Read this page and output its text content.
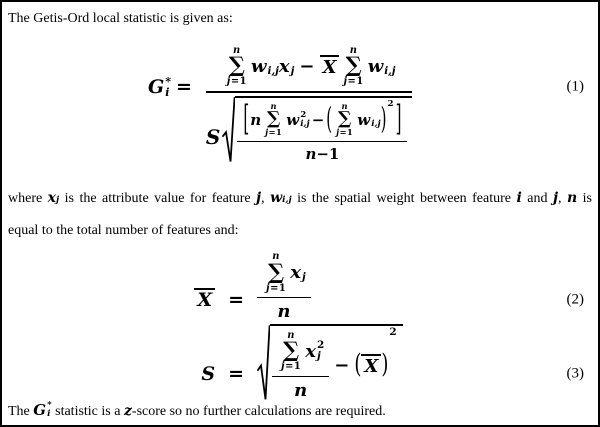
The Getis-Ord local statistic is given as:
G *
i =
n
∑
j=1
w i,j x j − X
n
∑
j=1
w i,j
S [ n
n
∑
j=1
w 2
i,j − ( n
∑
j=1
w i,j ) 2 ]
n − 1
(1)
where x j is the attribute value for feature j, w i,j is the spatial weight between feature i and j, n is
equal to the total number of features and:
X = n
∑
j=1
x j
n	(2)
S =
n
∑
j=1
x 2
j
n
− ( X )
2
(3)
The G *
i statistic is a z-score so no further calculations are required.
